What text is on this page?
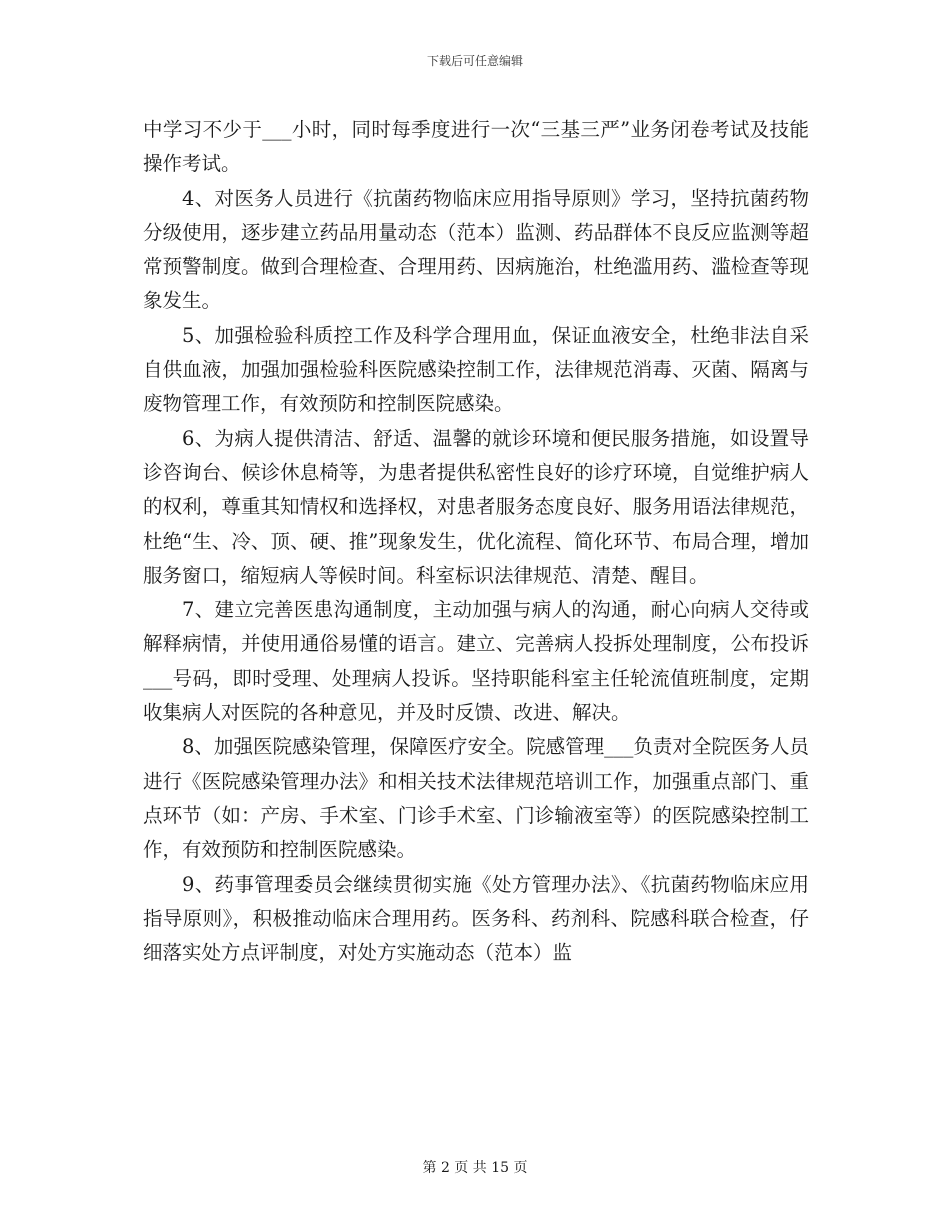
下载后可任意编辑

中学习不少于___小时，同时每季度进行一次“三基三严”业务闭卷考试及技能操作考试。

4、对医务人员进行《抗菌药物临床应用指导原则》学习，坚持抗菌药物分级使用，逐步建立药品用量动态（范本）监测、药品群体不良反应监测等超常预警制度。做到合理检查、合理用药、因病施治，杜绝滥用药、滥检查等现象发生。

5、加强检验科质控工作及科学合理用血，保证血液安全，杜绝非法自采自供血液，加强加强检验科医院感染控制工作，法律规范消毒、灭菌、隔离与废物管理工作，有效预防和控制医院感染。

6、为病人提供清洁、舒适、温馨的就诊环境和便民服务措施，如设置导诊咨询台、候诊休息椅等，为患者提供私密性良好的诊疗环境，自觉维护病人的权利，尊重其知情权和选择权，对患者服务态度良好、服务用语法律规范，杜绝“生、冷、顶、硬、推”现象发生，优化流程、简化环节、布局合理，增加服务窗口，缩短病人等候时间。科室标识法律规范、清楚、醒目。

7、建立完善医患沟通制度，主动加强与病人的沟通，耐心向病人交待或解释病情，并使用通俗易懂的语言。建立、完善病人投拆处理制度，公布投诉___号码，即时受理、处理病人投诉。坚持职能科室主任轮流值班制度，定期收集病人对医院的各种意见，并及时反馈、改进、解决。

8、加强医院感染管理，保障医疗安全。院感管理___负责对全院医务人员进行《医院感染管理办法》和相关技术法律规范培训工作，加强重点部门、重点环节（如：产房、手术室、门诊手术室、门诊输液室等）的医院感染控制工作，有效预防和控制医院感染。

9、药事管理委员会继续贯彻实施《处方管理办法》、《抗菌药物临床应用指导原则》，积极推动临床合理用药。医务科、药剂科、院感科联合检查，仔细落实处方点评制度，对处方实施动态（范本）监

第 2 页 共 15 页
